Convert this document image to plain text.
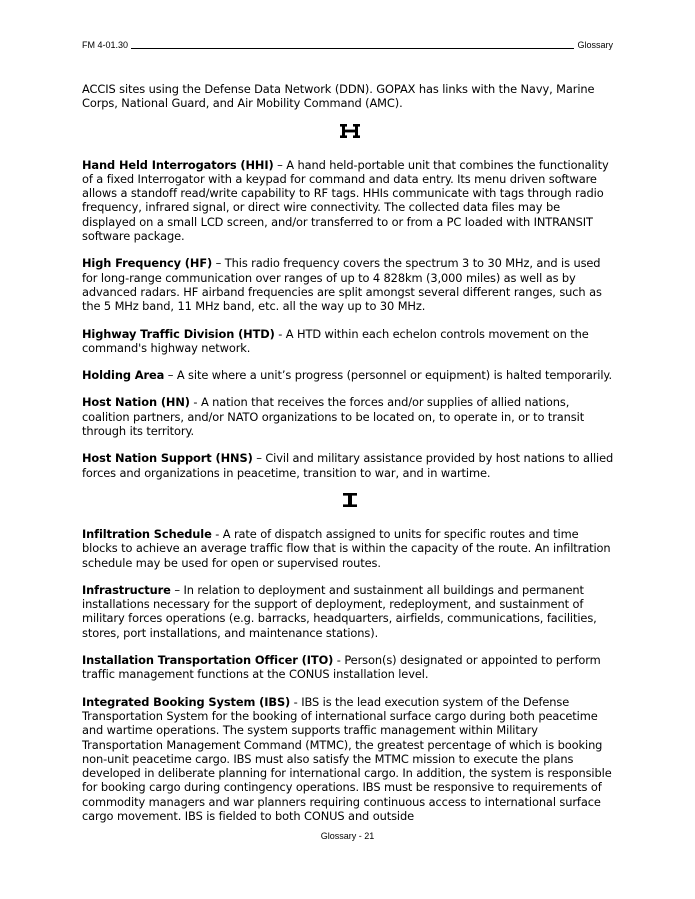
FM 4-01.30	Glossary

ACCIS sites using the Defense Data Network (DDN). GOPAX has links with the Navy, Marine Corps, National Guard, and Air Mobility Command (AMC).

Hand Held Interrogators (HHI) – A hand held-portable unit that combines the functionality of a fixed Interrogator with a keypad for command and data entry. Its menu driven software allows a standoff read/write capability to RF tags. HHIs communicate with tags through radio frequency, infrared signal, or direct wire connectivity. The collected data files may be displayed on a small LCD screen, and/or transferred to or from a PC loaded with INTRANSIT software package.

High Frequency (HF) – This radio frequency covers the spectrum 3 to 30 MHz, and is used for long-range communication over ranges of up to 4 828km (3,000 miles) as well as by advanced radars. HF airband frequencies are split amongst several different ranges, such as the 5 MHz band, 11 MHz band, etc. all the way up to 30 MHz.

Highway Traffic Division (HTD) - A HTD within each echelon controls movement on the command's highway network.

Holding Area – A site where a unit’s progress (personnel or equipment) is halted temporarily.

Host Nation (HN) - A nation that receives the forces and/or supplies of allied nations, coalition partners, and/or NATO organizations to be located on, to operate in, or to transit through its territory.

Host Nation Support (HNS) – Civil and military assistance provided by host nations to allied forces and organizations in peacetime, transition to war, and in wartime.

Infiltration Schedule - A rate of dispatch assigned to units for specific routes and time blocks to achieve an average traffic flow that is within the capacity of the route. An infiltration schedule may be used for open or supervised routes.

Infrastructure – In relation to deployment and sustainment all buildings and permanent installations necessary for the support of deployment, redeployment, and sustainment of military forces operations (e.g. barracks, headquarters, airfields, communications, facilities, stores, port installations, and maintenance stations).

Installation Transportation Officer (ITO) - Person(s) designated or appointed to perform traffic management functions at the CONUS installation level.

Integrated Booking System (IBS) - IBS is the lead execution system of the Defense Transportation System for the booking of international surface cargo during both peacetime and wartime operations. The system supports traffic management within Military Transportation Management Command (MTMC), the greatest percentage of which is booking non-unit peacetime cargo. IBS must also satisfy the MTMC mission to execute the plans developed in deliberate planning for international cargo. In addition, the system is responsible for booking cargo during contingency operations. IBS must be responsive to requirements of commodity managers and war planners requiring continuous access to international surface cargo movement. IBS is fielded to both CONUS and outside

Glossary - 21
